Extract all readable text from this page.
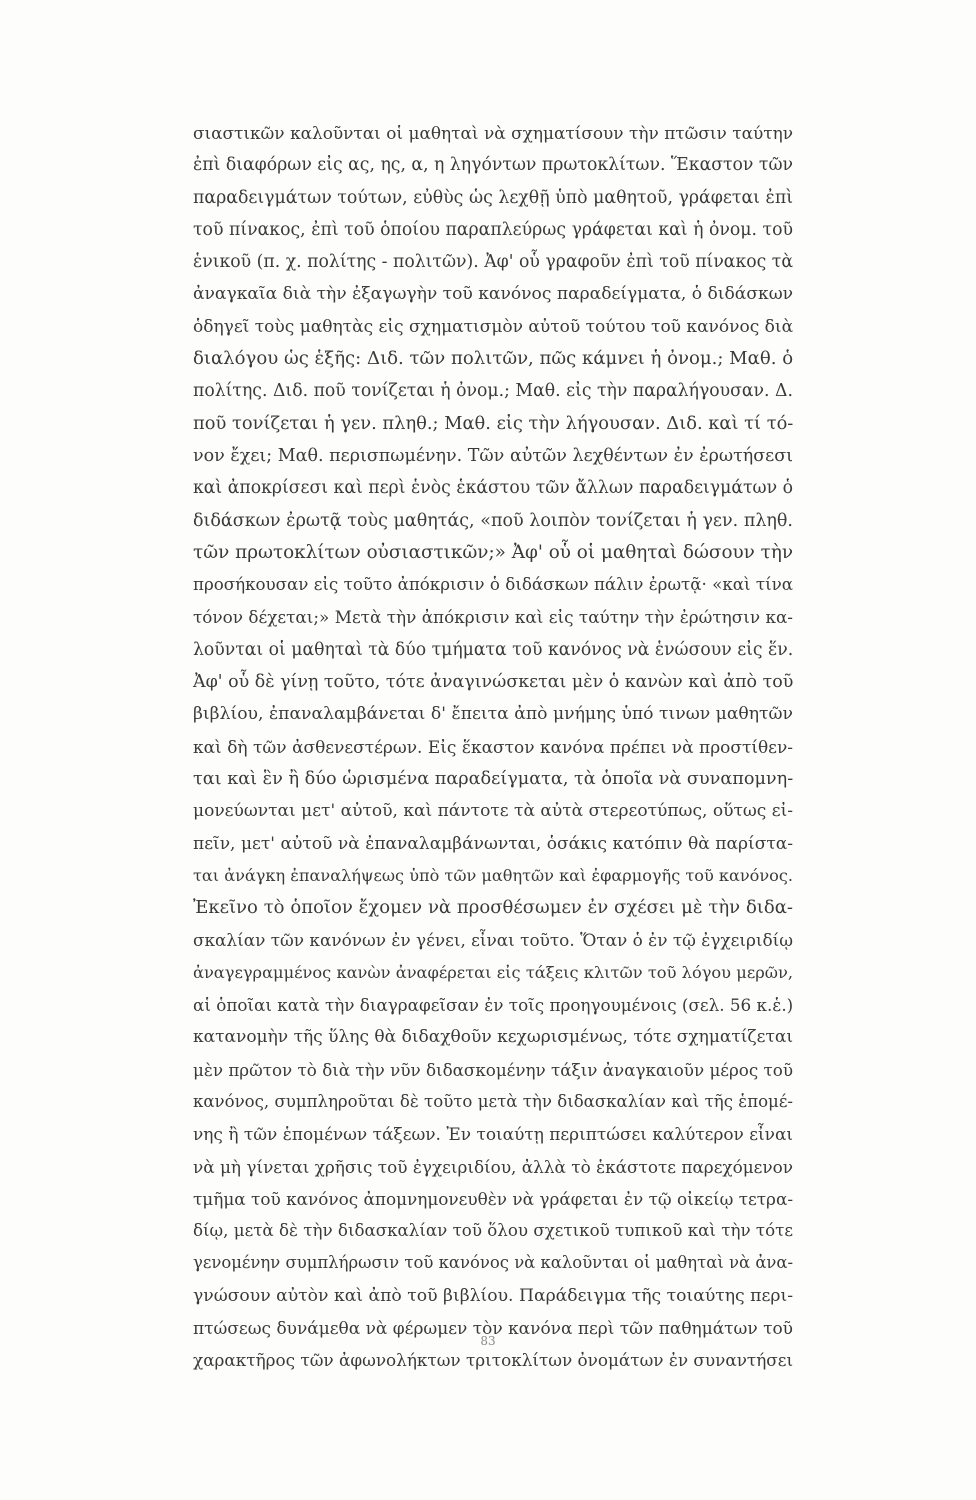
σιαστικῶν καλοῦνται οἱ μαθηταὶ νὰ σχηματίσουν τὴν πτῶσιν ταύτην
ἐπὶ διαφόρων εἰς ας, ης, α, η ληγόντων πρωτοκλίτων. Ἕκαστον τῶν
παραδειγμάτων τούτων, εὐθὺς ὡς λεχθῇ ὑπὸ μαθητοῦ, γράφεται ἐπὶ
τοῦ πίνακος, ἐπὶ τοῦ ὁποίου παραπλεύρως γράφεται καὶ ἡ ὀνομ. τοῦ
ἑνικοῦ (π. χ. πολίτης - πολιτῶν). Ἀφ' οὗ γραφοῦν ἐπὶ τοῦ πίνακος τὰ
ἀναγκαῖα διὰ τὴν ἐξαγωγὴν τοῦ κανόνος παραδείγματα, ὁ διδάσκων
ὁδηγεῖ τοὺς μαθητὰς εἰς σχηματισμὸν αὐτοῦ τούτου τοῦ κανόνος διὰ
διαλόγου ὡς ἑξῆς: Διδ. τῶν πολιτῶν, πῶς κάμνει ἡ ὀνομ.; Μαθ. ὁ
πολίτης. Διδ. ποῦ τονίζεται ἡ ὀνομ.; Μαθ. εἰς τὴν παραλήγουσαν. Δ.
ποῦ τονίζεται ἡ γεν. πληθ.; Μαθ. εἰς τὴν λήγουσαν. Διδ. καὶ τί τό-
νον ἔχει; Μαθ. περισπωμένην. Τῶν αὐτῶν λεχθέντων ἐν ἐρωτήσεσι
καὶ ἀποκρίσεσι καὶ περὶ ἑνὸς ἑκάστου τῶν ἄλλων παραδειγμάτων ὁ
διδάσκων ἐρωτᾷ τοὺς μαθητάς, «ποῦ λοιπὸν τονίζεται ἡ γεν. πληθ.
τῶν πρωτοκλίτων οὐσιαστικῶν;» Ἀφ' οὗ οἱ μαθηταὶ δώσουν τὴν
προσήκουσαν εἰς τοῦτο ἀπόκρισιν ὁ διδάσκων πάλιν ἐρωτᾷ· «καὶ τίνα
τόνον δέχεται;» Μετὰ τὴν ἀπόκρισιν καὶ εἰς ταύτην τὴν ἐρώτησιν κα-
λοῦνται οἱ μαθηταὶ τὰ δύο τμήματα τοῦ κανόνος νὰ ἑνώσουν εἰς ἕν.
Ἀφ' οὗ δὲ γίνῃ τοῦτο, τότε ἀναγινώσκεται μὲν ὁ κανὼν καὶ ἀπὸ τοῦ
βιβλίου, ἐπαναλαμβάνεται δ' ἔπειτα ἀπὸ μνήμης ὑπό τινων μαθητῶν
καὶ δὴ τῶν ἀσθενεστέρων. Εἰς ἕκαστον κανόνα πρέπει νὰ προστίθεν-
ται καὶ ἓν ἢ δύο ὡρισμένα παραδείγματα, τὰ ὁποῖα νὰ συναπομνη-
μονεύωνται μετ' αὐτοῦ, καὶ πάντοτε τὰ αὐτὰ στερεοτύπως, οὕτως εἰ-
πεῖν, μετ' αὐτοῦ νὰ ἐπαναλαμβάνωνται, ὁσάκις κατόπιν θὰ παρίστα-
ται ἀνάγκη ἐπαναλήψεως ὑπὸ τῶν μαθητῶν καὶ ἐφαρμογῆς τοῦ κανόνος.
Ἐκεῖνο τὸ ὁποῖον ἔχομεν νὰ προσθέσωμεν ἐν σχέσει μὲ τὴν διδα-
σκαλίαν τῶν κανόνων ἐν γένει, εἶναι τοῦτο. Ὅταν ὁ ἐν τῷ ἐγχειριδίῳ
ἀναγεγραμμένος κανὼν ἀναφέρεται εἰς τάξεις κλιτῶν τοῦ λόγου μερῶν,
αἱ ὁποῖαι κατὰ τὴν διαγραφεῖσαν ἐν τοῖς προηγουμένοις (σελ. 56 κ.ἑ.)
κατανομὴν τῆς ὕλης θὰ διδαχθοῦν κεχωρισμένως, τότε σχηματίζεται
μὲν πρῶτον τὸ διὰ τὴν νῦν διδασκομένην τάξιν ἀναγκαιοῦν μέρος τοῦ
κανόνος, συμπληροῦται δὲ τοῦτο μετὰ τὴν διδασκαλίαν καὶ τῆς ἑπομέ-
νης ἢ τῶν ἑπομένων τάξεων. Ἐν τοιαύτῃ περιπτώσει καλύτερον εἶναι
νὰ μὴ γίνεται χρῆσις τοῦ ἐγχειριδίου, ἀλλὰ τὸ ἑκάστοτε παρεχόμενον
τμῆμα τοῦ κανόνος ἀπομνημονευθὲν νὰ γράφεται ἐν τῷ οἰκείῳ τετρα-
δίῳ, μετὰ δὲ τὴν διδασκαλίαν τοῦ ὅλου σχετικοῦ τυπικοῦ καὶ τὴν τότε
γενομένην συμπλήρωσιν τοῦ κανόνος νὰ καλοῦνται οἱ μαθηταὶ νὰ ἀνα-
γνώσουν αὐτὸν καὶ ἀπὸ τοῦ βιβλίου. Παράδειγμα τῆς τοιαύτης περι-
πτώσεως δυνάμεθα νὰ φέρωμεν τὸν κανόνα περὶ τῶν παθημάτων τοῦ
χαρακτῆρος τῶν ἀφωνολήκτων τριτοκλίτων ὀνομάτων ἐν συναντήσει
83
